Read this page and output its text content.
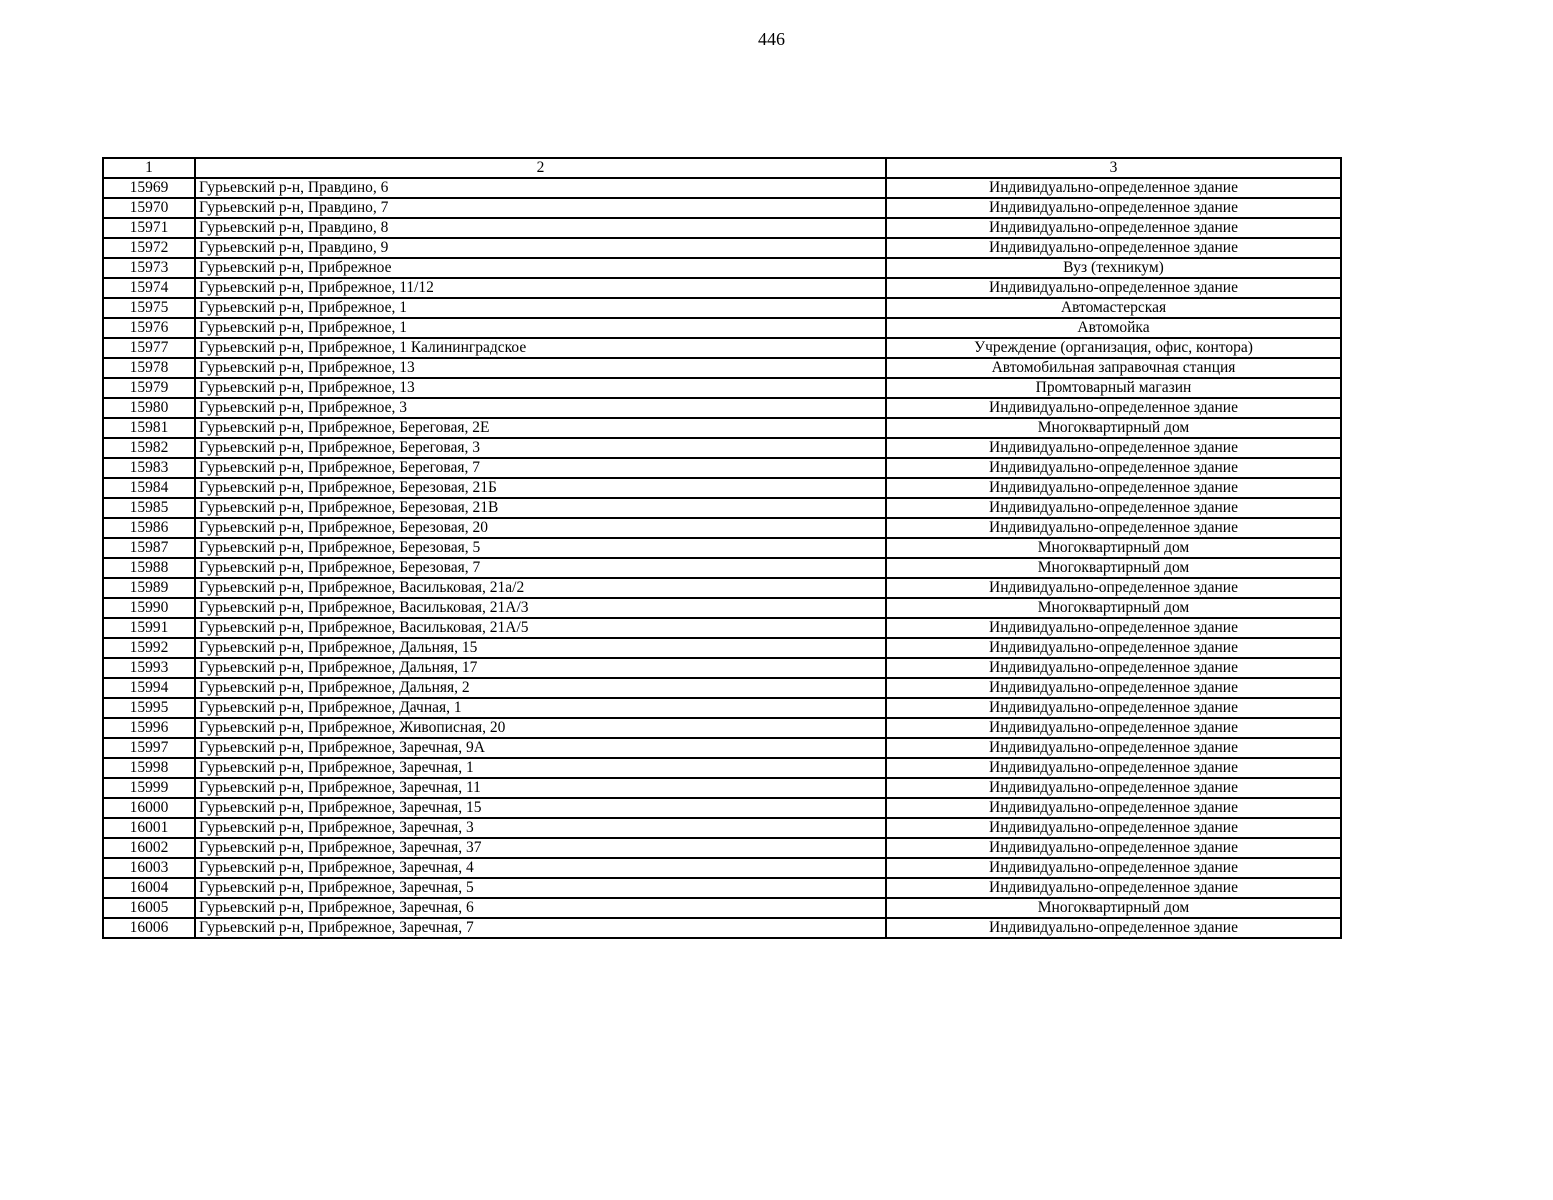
446
1	2	3
15969	Гурьевский р-н, Правдино, 6	Индивидуально-определенное здание
15970	Гурьевский р-н, Правдино, 7	Индивидуально-определенное здание
15971	Гурьевский р-н, Правдино, 8	Индивидуально-определенное здание
15972	Гурьевский р-н, Правдино, 9	Индивидуально-определенное здание
15973	Гурьевский р-н, Прибрежное	Вуз (техникум)
15974	Гурьевский р-н, Прибрежное, 11/12	Индивидуально-определенное здание
15975	Гурьевский р-н, Прибрежное, 1	Автомастерская
15976	Гурьевский р-н, Прибрежное, 1	Автомойка
15977	Гурьевский р-н, Прибрежное, 1 Калининградское	Учреждение (организация, офис, контора)
15978	Гурьевский р-н, Прибрежное, 13	Автомобильная заправочная станция
15979	Гурьевский р-н, Прибрежное, 13	Промтоварный магазин
15980	Гурьевский р-н, Прибрежное, 3	Индивидуально-определенное здание
15981	Гурьевский р-н, Прибрежное, Береговая, 2Е	Многоквартирный дом
15982	Гурьевский р-н, Прибрежное, Береговая, 3	Индивидуально-определенное здание
15983	Гурьевский р-н, Прибрежное, Береговая, 7	Индивидуально-определенное здание
15984	Гурьевский р-н, Прибрежное, Березовая, 21Б	Индивидуально-определенное здание
15985	Гурьевский р-н, Прибрежное, Березовая, 21В	Индивидуально-определенное здание
15986	Гурьевский р-н, Прибрежное, Березовая, 20	Индивидуально-определенное здание
15987	Гурьевский р-н, Прибрежное, Березовая, 5	Многоквартирный дом
15988	Гурьевский р-н, Прибрежное, Березовая, 7	Многоквартирный дом
15989	Гурьевский р-н, Прибрежное, Васильковая, 21а/2	Индивидуально-определенное здание
15990	Гурьевский р-н, Прибрежное, Васильковая, 21А/3	Многоквартирный дом
15991	Гурьевский р-н, Прибрежное, Васильковая, 21А/5	Индивидуально-определенное здание
15992	Гурьевский р-н, Прибрежное, Дальняя, 15	Индивидуально-определенное здание
15993	Гурьевский р-н, Прибрежное, Дальняя, 17	Индивидуально-определенное здание
15994	Гурьевский р-н, Прибрежное, Дальняя, 2	Индивидуально-определенное здание
15995	Гурьевский р-н, Прибрежное, Дачная, 1	Индивидуально-определенное здание
15996	Гурьевский р-н, Прибрежное, Живописная, 20	Индивидуально-определенное здание
15997	Гурьевский р-н, Прибрежное, Заречная, 9А	Индивидуально-определенное здание
15998	Гурьевский р-н, Прибрежное, Заречная, 1	Индивидуально-определенное здание
15999	Гурьевский р-н, Прибрежное, Заречная, 11	Индивидуально-определенное здание
16000	Гурьевский р-н, Прибрежное, Заречная, 15	Индивидуально-определенное здание
16001	Гурьевский р-н, Прибрежное, Заречная, 3	Индивидуально-определенное здание
16002	Гурьевский р-н, Прибрежное, Заречная, 37	Индивидуально-определенное здание
16003	Гурьевский р-н, Прибрежное, Заречная, 4	Индивидуально-определенное здание
16004	Гурьевский р-н, Прибрежное, Заречная, 5	Индивидуально-определенное здание
16005	Гурьевский р-н, Прибрежное, Заречная, 6	Многоквартирный дом
16006	Гурьевский р-н, Прибрежное, Заречная, 7	Индивидуально-определенное здание
